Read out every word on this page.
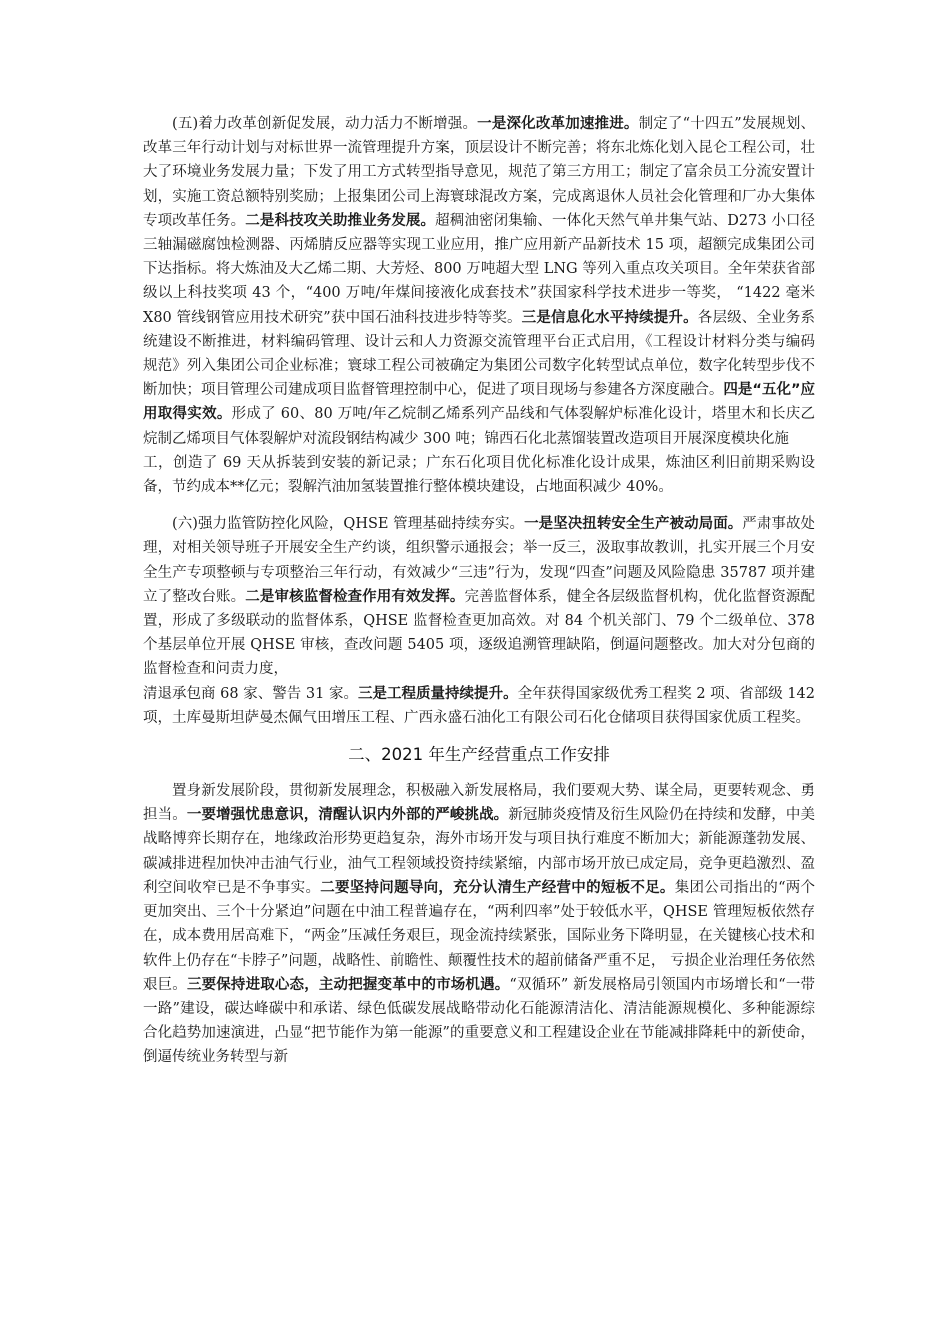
(五)着力改革创新促发展，动力活力不断增强。一是深化改革加速推进。制定了“十四五”发展规划、改革三年行动计划与对标世界一流管理提升方案，顶层设计不断完善；将东北炼化划入昆仑工程公司，壮大了环境业务发展力量；下发了用工方式转型指导意见，规范了第三方用工；制定了富余员工分流安置计划，实施工资总额特别奖励；上报集团公司上海寰球混改方案，完成离退休人员社会化管理和厂办大集体专项改革任务。二是科技攻关助推业务发展。超稠油密闭集输、一体化天然气单井集气站、D273 小口径三轴漏磁腐蚀检测器、丙烯腈反应器等实现工业应用，推广应用新产品新技术 15 项，超额完成集团公司下达指标。将大炼油及大乙烯二期、大芳烃、800 万吨超大型 LNG 等列入重点攻关项目。全年荣获省部级以上科技奖项 43 个，“400 万吨/年煤间接液化成套技术”获国家科学技术进步一等奖， “1422 毫米 X80 管线钢管应用技术研究”获中国石油科技进步特等奖。三是信息化水平持续提升。各层级、全业务系统建设不断推进，材料编码管理、设计云和人力资源交流管理平台正式启用，《工程设计材料分类与编码规范》列入集团公司企业标准；寰球工程公司被确定为集团公司数字化转型试点单位，数字化转型步伐不断加快；项目管理公司建成项目监督管理控制中心，促进了项目现场与参建各方深度融合。四是“五化”应用取得实效。形成了 60、80 万吨/年乙烷制乙烯系列产品线和气体裂解炉标准化设计，塔里木和长庆乙烷制乙烯项目气体裂解炉对流段钢结构减少 300 吨；锦西石化北蒸馏装置改造项目开展深度模块化施

工，创造了 69 天从拆装到安装的新记录；广东石化项目优化标准化设计成果，炼油区利旧前期采购设备，节约成本**亿元；裂解汽油加氢装置推行整体模块建设，占地面积减少 40%。

(六)强力监管防控化风险，QHSE 管理基础持续夯实。一是坚决扭转安全生产被动局面。严肃事故处理，对相关领导班子开展安全生产约谈，组织警示通报会；举一反三，汲取事故教训，扎实开展三个月安全生产专项整顿与专项整治三年行动，有效减少“三违”行为，发现“四查”问题及风险隐患 35787 项并建立了整改台账。二是审核监督检查作用有效发挥。完善监督体系，健全各层级监督机构，优化监督资源配置，形成了多级联动的监督体系，QHSE 监督检查更加高效。对 84 个机关部门、79 个二级单位、378 个基层单位开展 QHSE 审核，查改问题 5405 项，逐级追溯管理缺陷，倒逼问题整改。加大对分包商的监督检查和问责力度，

清退承包商 68 家、警告 31 家。三是工程质量持续提升。全年获得国家级优秀工程奖 2 项、省部级 142 项，土库曼斯坦萨曼杰佩气田增压工程、广西永盛石油化工有限公司石化仓储项目获得国家优质工程奖。

二、2021 年生产经营重点工作安排

置身新发展阶段，贯彻新发展理念，积极融入新发展格局，我们要观大势、谋全局，更要转观念、勇担当。一要增强忧患意识，清醒认识内外部的严峻挑战。新冠肺炎疫情及衍生风险仍在持续和发酵，中美战略博弈长期存在，地缘政治形势更趋复杂，海外市场开发与项目执行难度不断加大；新能源蓬勃发展、碳减排进程加快冲击油气行业，油气工程领域投资持续紧缩，内部市场开放已成定局，竞争更趋激烈、盈利空间收窄已是不争事实。二要坚持问题导向，充分认清生产经营中的短板不足。集团公司指出的“两个更加突出、三个十分紧迫”问题在中油工程普遍存在，“两利四率”处于较低水平，QHSE 管理短板依然存在，成本费用居高难下，“两金”压减任务艰巨，现金流持续紧张，国际业务下降明显，在关键核心技术和软件上仍存在“卡脖子”问题，战略性、前瞻性、颠覆性技术的超前储备严重不足， 亏损企业治理任务依然艰巨。三要保持进取心态，主动把握变革中的市场机遇。“双循环” 新发展格局引领国内市场增长和“一带一路”建设，碳达峰碳中和承诺、绿色低碳发展战略带动化石能源清洁化、清洁能源规模化、多种能源综合化趋势加速演进，凸显“把节能作为第一能源”的重要意义和工程建设企业在节能减排降耗中的新使命，倒逼传统业务转型与新
